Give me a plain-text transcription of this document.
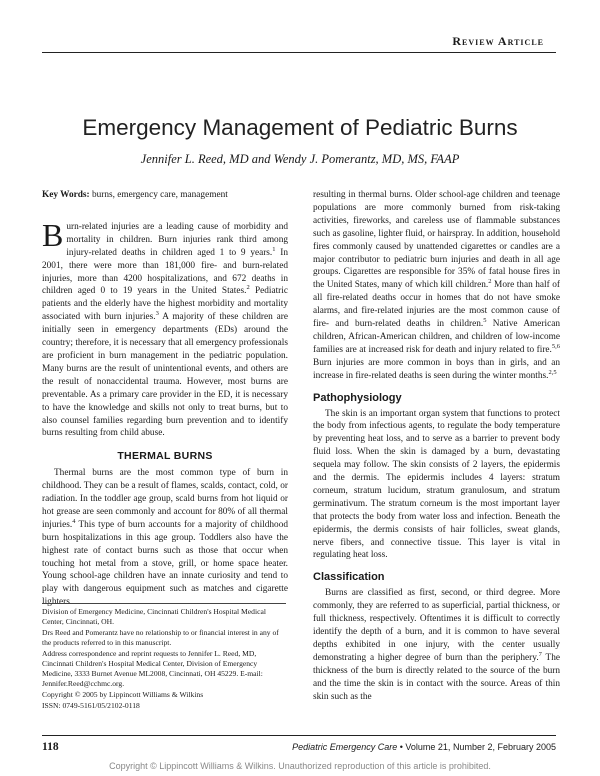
Review Article
Emergency Management of Pediatric Burns
Jennifer L. Reed, MD and Wendy J. Pomerantz, MD, MS, FAAP
Key Words: burns, emergency care, management

Burn-related injuries are a leading cause of morbidity and mortality in children. Burn injuries rank third among injury-related deaths in children aged 1 to 9 years.$^1$ In 2001, there were more than 181,000 fire- and burn-related injuries, more than 4200 hospitalizations, and 672 deaths in children aged 0 to 19 years in the United States.$^2$ Pediatric patients and the elderly have the highest morbidity and mortality associated with burn injuries.$^3$ A majority of these children are initially seen in emergency departments (EDs) around the country; therefore, it is necessary that all emergency professionals are proficient in burn management in the pediatric population. Many burns are the result of unintentional events, and others are the result of nonaccidental trauma. However, most burns are preventable. As a primary care provider in the ED, it is necessary to have the knowledge and skills not only to treat burns, but to also counsel families regarding burn prevention and to identify burns resulting from child abuse.

THERMAL BURNS

Thermal burns are the most common type of burn in childhood. They can be a result of flames, scalds, contact, cold, or radiation. In the toddler age group, scald burns from hot liquid or hot grease are seen commonly and account for 80% of all thermal injuries.$^4$ This type of burn accounts for a majority of childhood burn hospitalizations in this age group. Toddlers also have the highest rate of contact burns such as those that occur when touching hot metal from a stove, grill, or home space heater. Young school-age children have an innate curiosity and tend to play with dangerous equipment such as matches and cigarette lighters

Division of Emergency Medicine, Cincinnati Children's Hospital Medical Center, Cincinnati, OH.
Drs Reed and Pomerantz have no relationship to or financial interest in any of the products referred to in this manuscript.
Address correspondence and reprint requests to Jennifer L. Reed, MD, Cincinnati Children's Hospital Medical Center, Division of Emergency Medicine, 3333 Burnet Avenue ML2008, Cincinnati, OH 45229. E-mail: Jennifer.Reed@cchmc.org.
Copyright © 2005 by Lippincott Williams & Wilkins
ISSN: 0749-5161/05/2102-0118

resulting in thermal burns. Older school-age children and teenage populations are more commonly burned from risk-taking activities, fireworks, and careless use of flammable substances such as gasoline, lighter fluid, or hairspray. In addition, household fires commonly caused by unattended cigarettes or candles are a major contributor to pediatric burn injuries and death in all age groups. Cigarettes are responsible for 35% of fatal house fires in the United States, many of which kill children.$^2$ More than half of all fire-related deaths occur in homes that do not have smoke alarms, and fire-related injuries are the most common cause of fire- and burn-related deaths in children.$^5$ Native American children, African-American children, and children of low-income families are at increased risk for death and injury related to fire.$^{5,6}$ Burn injuries are more common in boys than in girls, and an increase in fire-related deaths is seen during the winter months.$^{2,5}$

Pathophysiology

The skin is an important organ system that functions to protect the body from infectious agents, to regulate the body temperature by preventing heat loss, and to serve as a barrier to prevent body fluid loss. When the skin is damaged by a burn, devastating sequela may follow. The skin consists of 2 layers, the epidermis and the dermis. The epidermis includes 4 layers: stratum corneum, stratum lucidum, stratum granulosum, and stratum germinativum. The stratum corneum is the most important layer that protects the body from water loss and infection. Beneath the epidermis, the dermis consists of hair follicles, sweat glands, nerve fibers, and connective tissue. This layer is vital in regulating heat loss.

Classification

Burns are classified as first, second, or third degree. More commonly, they are referred to as superficial, partial thickness, or full thickness, respectively. Oftentimes it is difficult to correctly identify the depth of a burn, and it is common to have several depths exhibited in one injury, with the center usually demonstrating a higher degree of burn than the periphery.$^7$ The thickness of the burn is directly related to the source of the burn and the time the skin is in contact with the source. Areas of thin skin such as the

118	Pediatric Emergency Care • Volume 21, Number 2, February 2005
Copyright © Lippincott Williams & Wilkins. Unauthorized reproduction of this article is prohibited.
